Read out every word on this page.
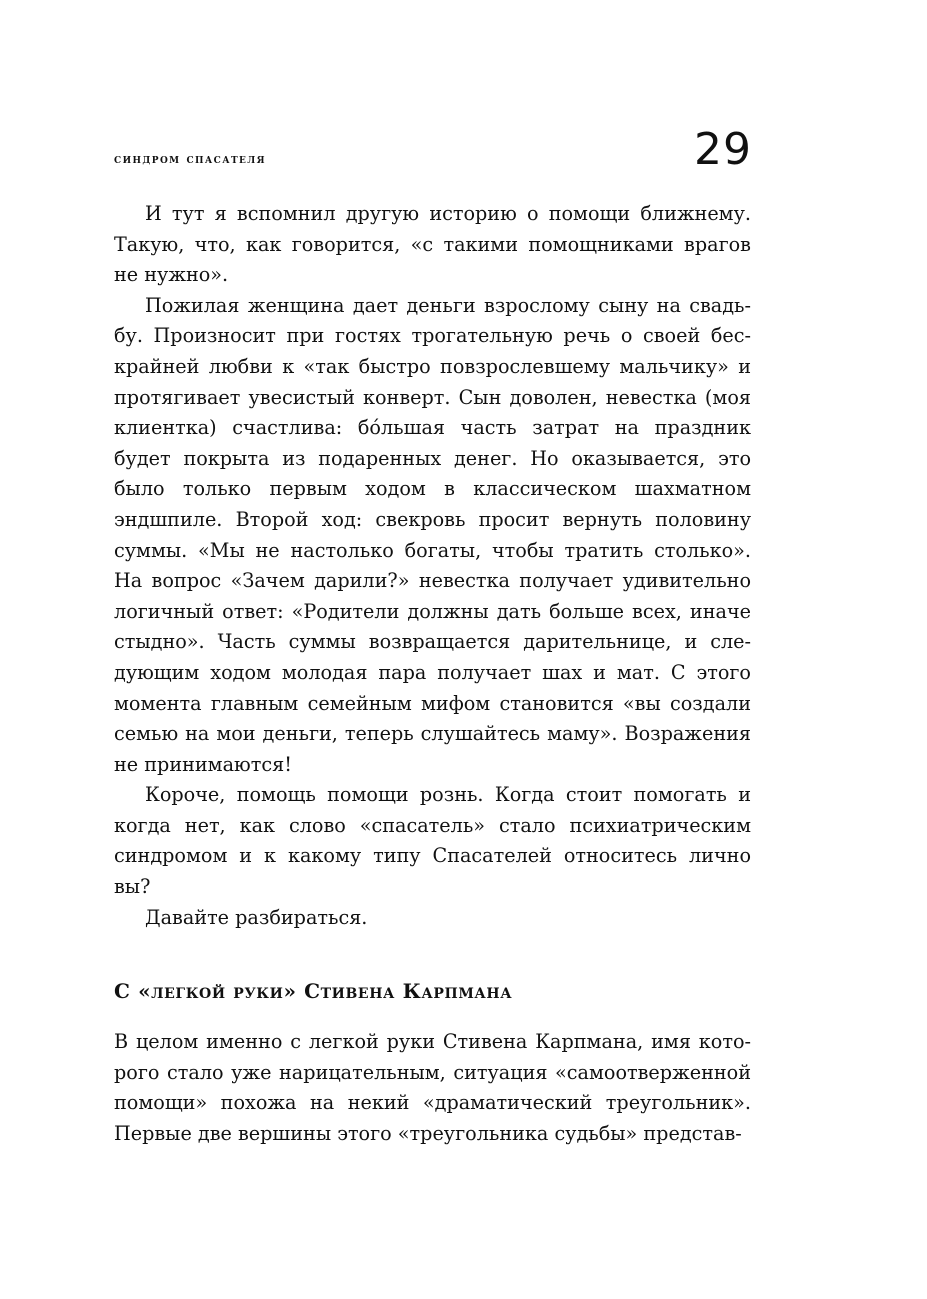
синдром спасателя	29

И тут я вспомнил другую историю о помощи ближнему. Такую, что, как говорится, «с такими помощниками врагов не нужно».

Пожилая женщина дает деньги взрослому сыну на свадьбу. Произносит при гостях трогательную речь о своей бескрайней любви к «так быстро повзрослевшему мальчику» и протягивает увесистый конверт. Сын доволен, невестка (моя клиентка) счастлива: бо́льшая часть затрат на праздник будет покрыта из подаренных денег. Но оказывается, это было только первым ходом в классическом шахматном эндшпиле. Второй ход: свекровь просит вернуть половину суммы. «Мы не настолько богаты, чтобы тратить столько». На вопрос «Зачем дарили?» невестка получает удивительно логичный ответ: «Родители должны дать больше всех, иначе стыдно». Часть суммы возвращается дарительнице, и следующим ходом молодая пара получает шах и мат. С этого момента главным семейным мифом становится «вы создали семью на мои деньги, теперь слушайтесь маму». Возражения не принимаются!

Короче, помощь помощи рознь. Когда стоит помогать и когда нет, как слово «спасатель» стало психиатрическим синдромом и к какому типу Спасателей относитесь лично вы?

Давайте разбираться.

С «легкой руки» Стивена Карпмана

В целом именно с легкой руки Стивена Карпмана, имя которого стало уже нарицательным, ситуация «самоотверженной помощи» похожа на некий «драматический треугольник». Первые две вершины этого «треугольника судьбы» представ-
